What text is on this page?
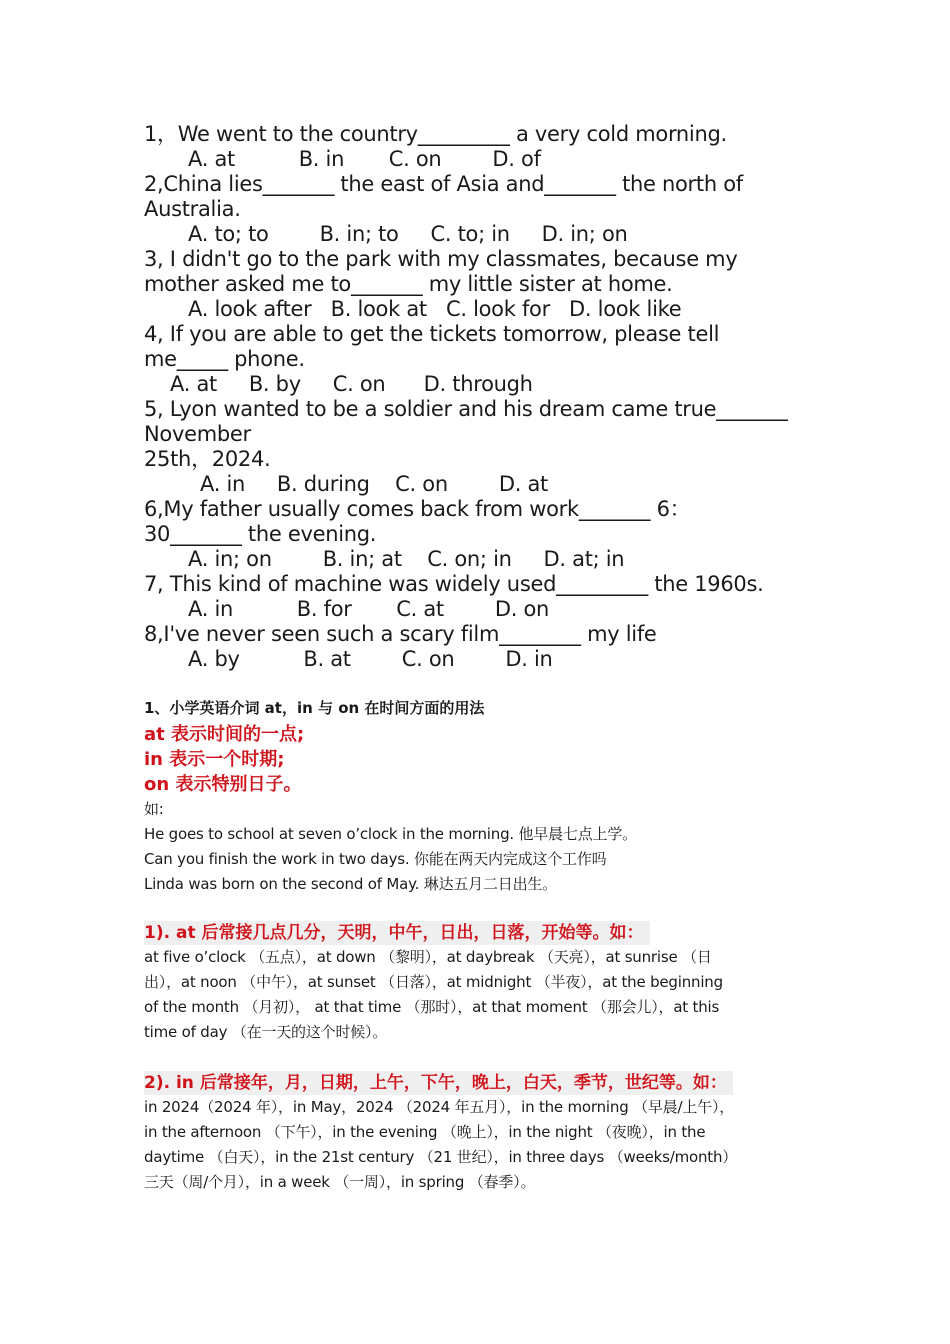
1，We went to the country_________ a very cold morning.
A. at          B. in       C. on        D. of
2,China lies_______ the east of Asia and_______ the north of
Australia.
A. to; to        B. in; to     C. to; in     D. in; on
3, I didn't go to the park with my classmates, because my
mother asked me to_______ my little sister at home.
A. look after   B. look at   C. look for   D. look like
4, If you are able to get the tickets tomorrow, please tell
me_____ phone.
A. at     B. by     C. on      D. through
5, Lyon wanted to be a soldier and his dream came true_______
November
25th，2024.
A. in     B. during    C. on        D. at
6,My father usually comes back from work_______ 6：
30_______ the evening.
A. in; on        B. in; at    C. on; in     D. at; in
7, This kind of machine was widely used_________ the 1960s.
A. in          B. for       C. at        D. on
8,I've never seen such a scary film________ my life
A. by          B. at        C. on        D. in
1、小学英语介词 at，in 与 on 在时间方面的用法
at 表示时间的一点;
in 表示一个时期;
on 表示特别日子。
如:
He goes to school at seven o’clock in the morning. 他早晨七点上学。
Can you finish the work in two days. 你能在两天内完成这个工作吗
Linda was born on the second of May. 琳达五月二日出生。
1). at 后常接几点几分，天明，中午，日出，日落，开始等。如：
at five o’clock （五点），at down （黎明），at daybreak （天亮），at sunrise （日
出），at noon （中午），at sunset （日落），at midnight （半夜），at the beginning
of the month （月初）， at that time （那时），at that moment （那会儿），at this
time of day （在一天的这个时候）。
2). in 后常接年，月，日期，上午，下午，晚上，白天，季节，世纪等。如：
in 2024（2024 年），in May，2024 （2024 年五月），in the morning （早晨/上午），
in the afternoon （下午），in the evening （晚上），in the night （夜晚），in the
daytime （白天），in the 21st century （21 世纪），in three days （weeks/month）
三天（周/个月），in a week （一周），in spring （春季）。
